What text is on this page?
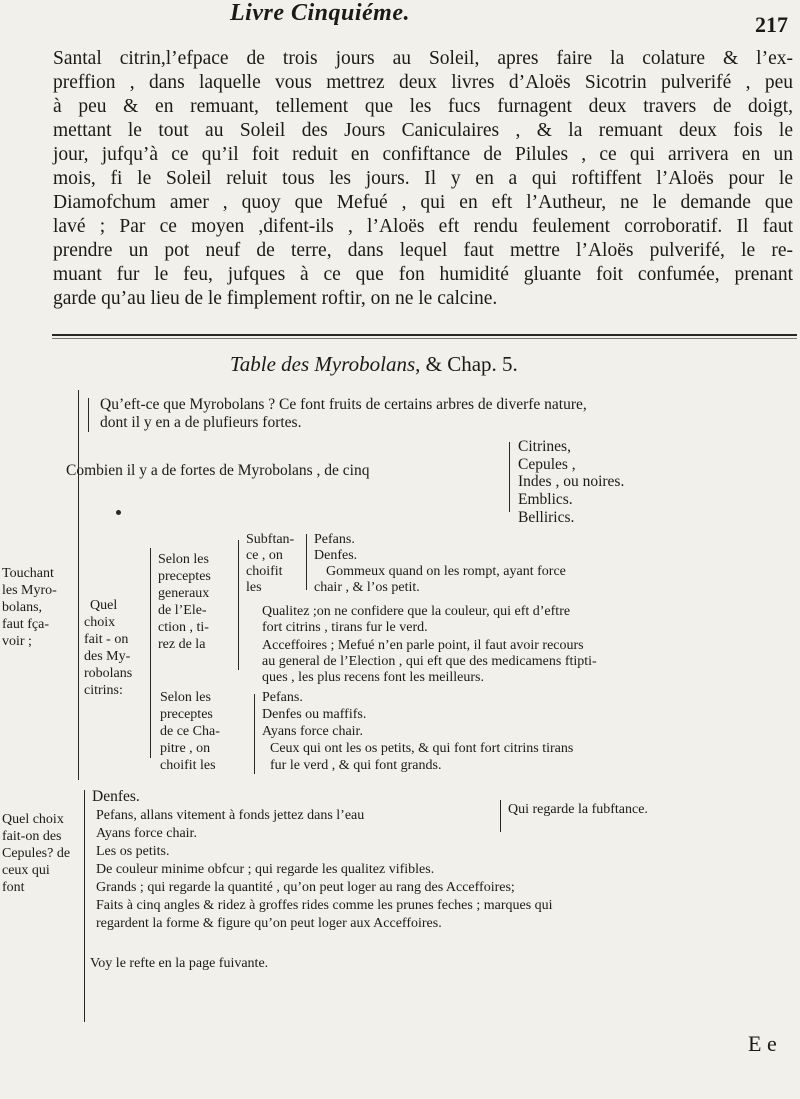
Livre Cinquiéme.	217
Santal citrin,l’efpace de trois jours au Soleil, apres faire la colature & l’ex-
preffion , dans laquelle vous mettrez deux livres d’Aloës Sicotrin pulverifé , peu
à peu & en remuant, tellement que les fucs furnagent deux travers de doigt,
mettant le tout au Soleil des Jours Caniculaires , & la remuant deux fois le
jour, jufqu’à ce qu’il foit reduit en confiftance de Pilules , ce qui arrivera en un
mois, fi le Soleil reluit tous les jours. Il y en a qui roftiffent l’Aloës pour le
Diamofchum amer , quoy que Mefué , qui en eft l’Autheur, ne le demande que
lavé ; Par ce moyen ,difent-ils , l’Aloës eft rendu feulement corroboratif. Il faut
prendre un pot neuf de terre, dans lequel faut mettre l’Aloës pulverifé, le re-
muant fur le feu, jufques à ce que fon humidité gluante foit confumée, prenant
garde qu’au lieu de le fimplement roftir, on ne le calcine.
Table des Myrobolans, & Chap. 5.
Qu’eft-ce que Myrobolans ? Ce font fruits de certains arbres de diverfe nature,
dont il y en a de plufieurs fortes.
Combien il y a de fortes de Myrobolans , de cinq
Citrines,
Cepules ,
Indes , ou noires.
Emblics.
Bellirics.
Touchant
les Myro-
bolans,
faut fça-
voir ;
Quel
choix
fait - on
des My-
robolans
citrins:
Selon les
preceptes
generaux
de l’Ele-
ction , ti-
rez de la
Subftan-
ce , on
choifit
les
Pefans.
Denfes.
Gommeux quand on les rompt, ayant force
chair , & l’os petit.
Qualitez ;on ne confidere que la couleur, qui eft d’eftre
fort citrins , tirans fur le verd.
Acceffoires ; Mefué n’en parle point, il faut avoir recours
au general de l’Election , qui eft que des medicamens ftipti-
ques , les plus recens font les meilleurs.
Selon les
preceptes
de ce Cha-
pitre , on
choifit les
Pefans.
Denfes ou maffifs.
Ayans force chair.
Ceux qui ont les os petits, & qui font fort citrins tirans
fur le verd , & qui font grands.
Quel choix
fait-on des
Cepules? de
ceux qui
font
Denfes.
Pefans, allans vitement à fonds jettez dans l’eau
Ayans force chair.
Les os petits.
De couleur minime obfcur ; qui regarde les qualitez vifibles.
Grands ; qui regarde la quantité , qu’on peut loger au rang des Acceffoires;
Faits à cinq angles & ridez à groffes rides comme les prunes feches ; marques qui
regardent la forme & figure qu’on peut loger aux Acceffoires.
Qui regarde la fubftance.
Voy le refte en la page fuivante.
E e
